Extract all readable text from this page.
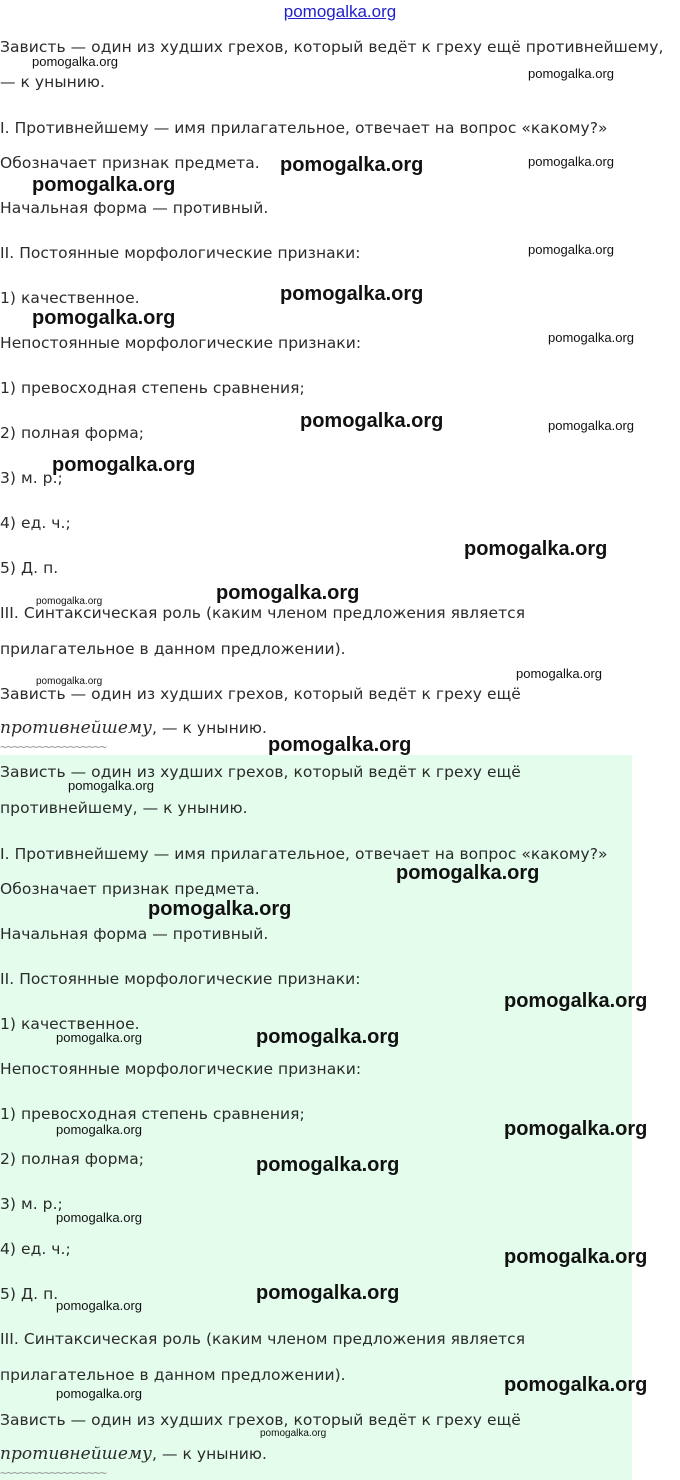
pomogalka.org
Зависть — один из худших грехов, который ведёт к греху ещё противнейшему,
— к унынию.
I. Противнейшему — имя прилагательное, отвечает на вопрос «какому?»
Обозначает признак предмета.
Начальная форма — противный.
II. Постоянные морфологические признаки:
1) качественное.
Непостоянные морфологические признаки:
1) превосходная степень сравнения;
2) полная форма;
3) м. р.;
4) ед. ч.;
5) Д. п.
III. Синтаксическая роль (каким членом предложения является
прилагательное в данном предложении).
Зависть — один из худших грехов, который ведёт к греху ещё
противнейшему, — к унынию.
~~~~~~~~~~~~~~~~~
Зависть — один из худших грехов, который ведёт к греху ещё
противнейшему, — к унынию.
I. Противнейшему — имя прилагательное, отвечает на вопрос «какому?»
Обозначает признак предмета.
Начальная форма — противный.
II. Постоянные морфологические признаки:
1) качественное.
Непостоянные морфологические признаки:
1) превосходная степень сравнения;
2) полная форма;
3) м. р.;
4) ед. ч.;
5) Д. п.
III. Синтаксическая роль (каким членом предложения является
прилагательное в данном предложении).
Зависть — один из худших грехов, который ведёт к греху ещё
противнейшему, — к унынию.
~~~~~~~~~~~~~~~~~
pomogalka.org
pomogalka.org
pomogalka.org	pomogalka.org
pomogalka.org
pomogalka.org
pomogalka.org
pomogalka.org
pomogalka.org
pomogalka.org	pomogalka.org
pomogalka.org
pomogalka.org
pomogalka.org
pomogalka.org
pomogalka.org
pomogalka.org
pomogalka.org
pomogalka.org
pomogalka.org
pomogalka.org
pomogalka.org
pomogalka.org	pomogalka.org
pomogalka.org	pomogalka.org
pomogalka.org
pomogalka.org
pomogalka.org
pomogalka.org
pomogalka.org
pomogalka.org
pomogalka.org
pomogalka.org
